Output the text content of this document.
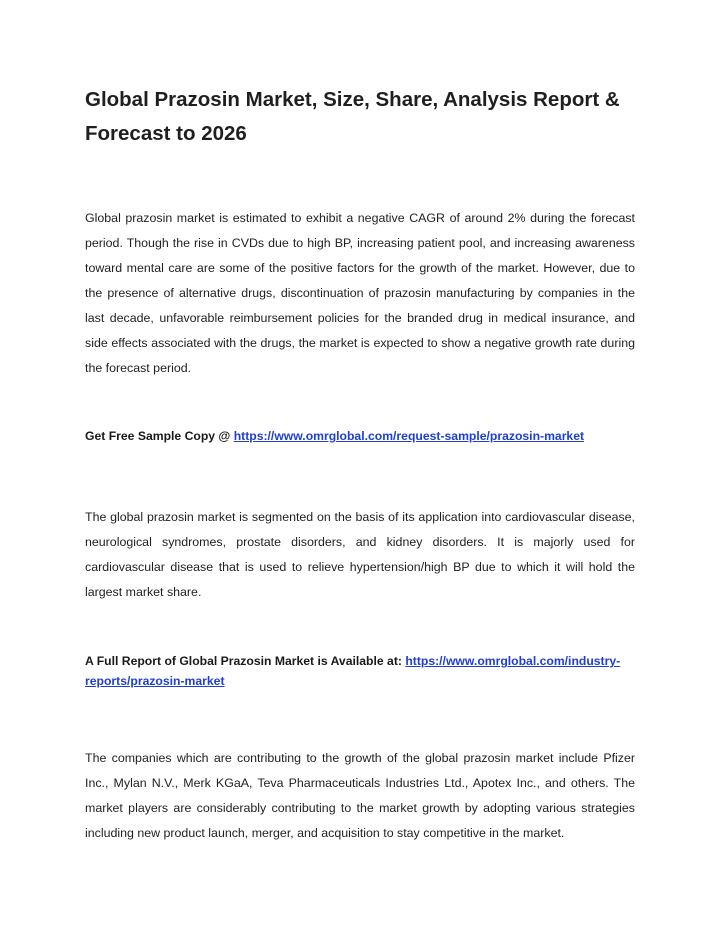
Global Prazosin Market, Size, Share, Analysis Report & Forecast to 2026

Global prazosin market is estimated to exhibit a negative CAGR of around 2% during the forecast period. Though the rise in CVDs due to high BP, increasing patient pool, and increasing awareness toward mental care are some of the positive factors for the growth of the market. However, due to the presence of alternative drugs, discontinuation of prazosin manufacturing by companies in the last decade, unfavorable reimbursement policies for the branded drug in medical insurance, and side effects associated with the drugs, the market is expected to show a negative growth rate during the forecast period.

Get Free Sample Copy @ https://www.omrglobal.com/request-sample/prazosin-market

The global prazosin market is segmented on the basis of its application into cardiovascular disease, neurological syndromes, prostate disorders, and kidney disorders. It is majorly used for cardiovascular disease that is used to relieve hypertension/high BP due to which it will hold the largest market share.

A Full Report of Global Prazosin Market is Available at: https://www.omrglobal.com/industry-reports/prazosin-market

The companies which are contributing to the growth of the global prazosin market include Pfizer Inc., Mylan N.V., Merk KGaA, Teva Pharmaceuticals Industries Ltd., Apotex Inc., and others. The market players are considerably contributing to the market growth by adopting various strategies including new product launch, merger, and acquisition to stay competitive in the market.
